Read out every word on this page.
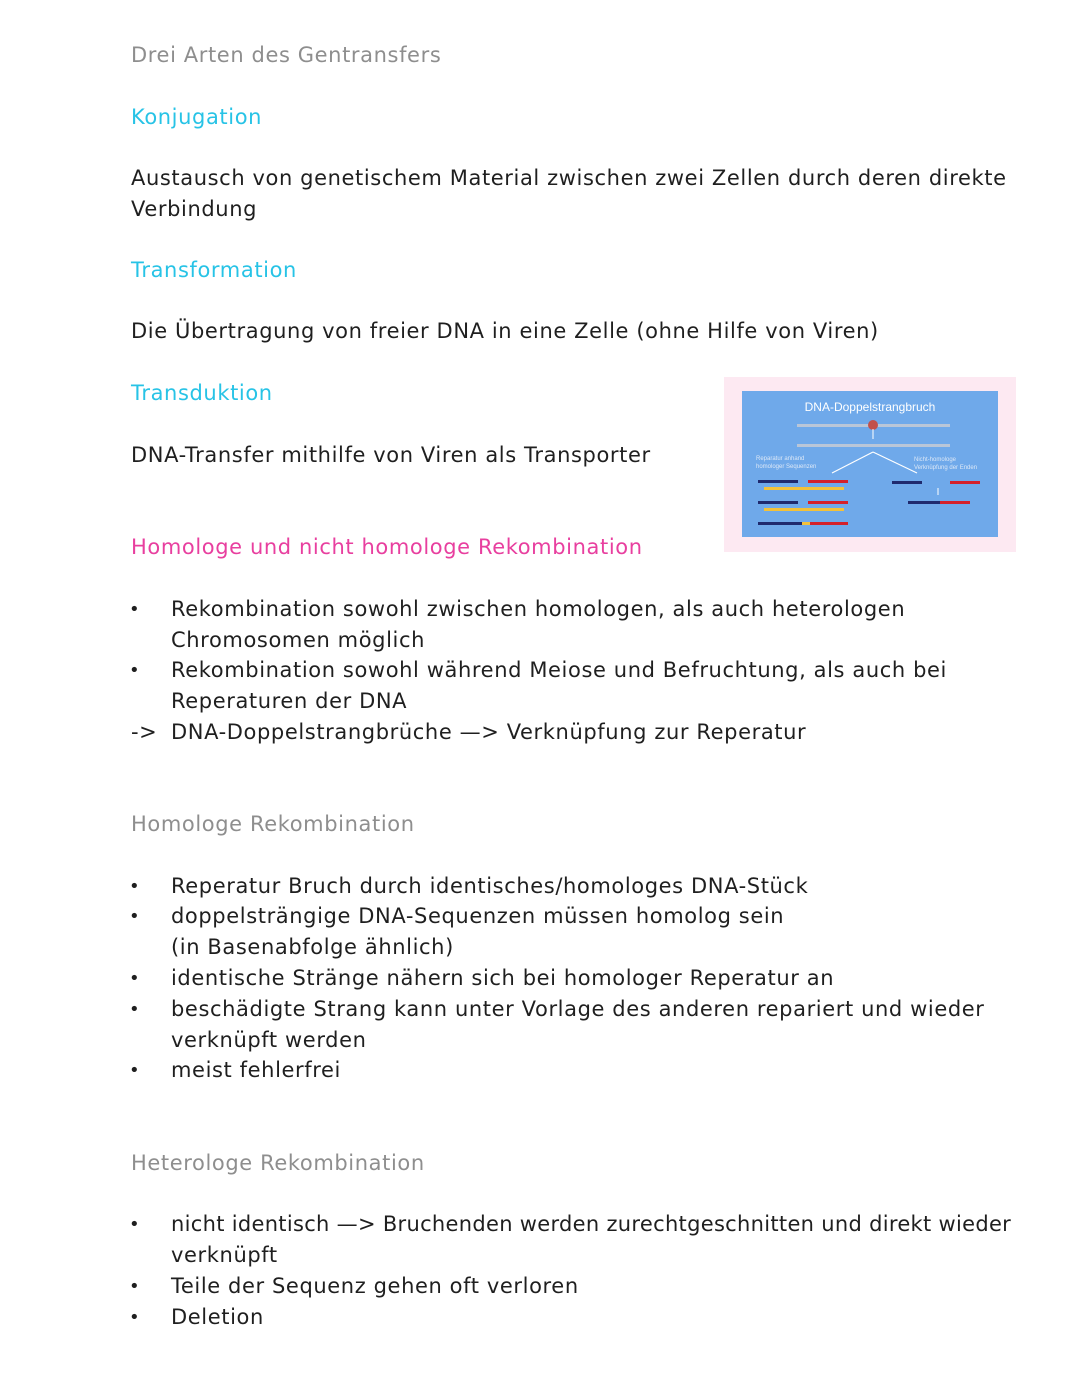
Drei Arten des Gentransfers
Konjugation
Austausch von genetischem Material zwischen zwei Zellen durch deren direkte
Verbindung
Transformation
Die Übertragung von freier DNA in eine Zelle (ohne Hilfe von Viren)
Transduktion
DNA-Transfer mithilfe von Viren als Transporter
DNA-Doppelstrangbruch
Reparatur anhand
homologer Sequenzen
Nicht-homologe
Verknüpfung der Enden
Homologe und nicht homologe Rekombination
• Rekombination sowohl zwischen homologen, als auch heterologen
Chromosomen möglich
• Rekombination sowohl während Meiose und Befruchtung, als auch bei
Reperaturen der DNA
-> DNA-Doppelstrangbrüche —> Verknüpfung zur Reperatur
Homologe Rekombination
• Reperatur Bruch durch identisches/homologes DNA-Stück
• doppelsträngige DNA-Sequenzen müssen homolog sein
(in Basenabfolge ähnlich)
• identische Stränge nähern sich bei homologer Reperatur an
• beschädigte Strang kann unter Vorlage des anderen repariert und wieder
verknüpft werden
• meist fehlerfrei
Heterologe Rekombination
• nicht identisch —> Bruchenden werden zurechtgeschnitten und direkt wieder
verknüpft
• Teile der Sequenz gehen oft verloren
• Deletion
